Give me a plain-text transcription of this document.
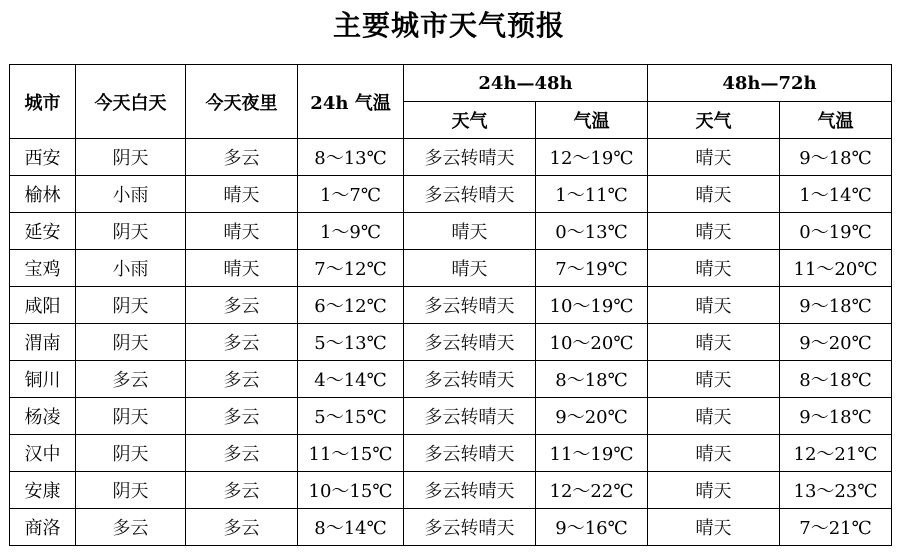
主要城市天气预报
城市	今天白天	今天夜里	24h 气温	24h—48h		48h—72h	
				天气	气温	天气	气温
西安	阴天	多云	8～13℃	多云转晴天	12～19℃	晴天	9～18℃
榆林	小雨	晴天	1～7℃	多云转晴天	1～11℃	晴天	1～14℃
延安	阴天	晴天	1～9℃	晴天	0～13℃	晴天	0～19℃
宝鸡	小雨	晴天	7～12℃	晴天	7～19℃	晴天	11～20℃
咸阳	阴天	多云	6～12℃	多云转晴天	10～19℃	晴天	9～18℃
渭南	阴天	多云	5～13℃	多云转晴天	10～20℃	晴天	9～20℃
铜川	多云	多云	4～14℃	多云转晴天	8～18℃	晴天	8～18℃
杨凌	阴天	多云	5～15℃	多云转晴天	9～20℃	晴天	9～18℃
汉中	阴天	多云	11～15℃	多云转晴天	11～19℃	晴天	12～21℃
安康	阴天	多云	10～15℃	多云转晴天	12～22℃	晴天	13～23℃
商洛	多云	多云	8～14℃	多云转晴天	9～16℃	晴天	7～21℃
